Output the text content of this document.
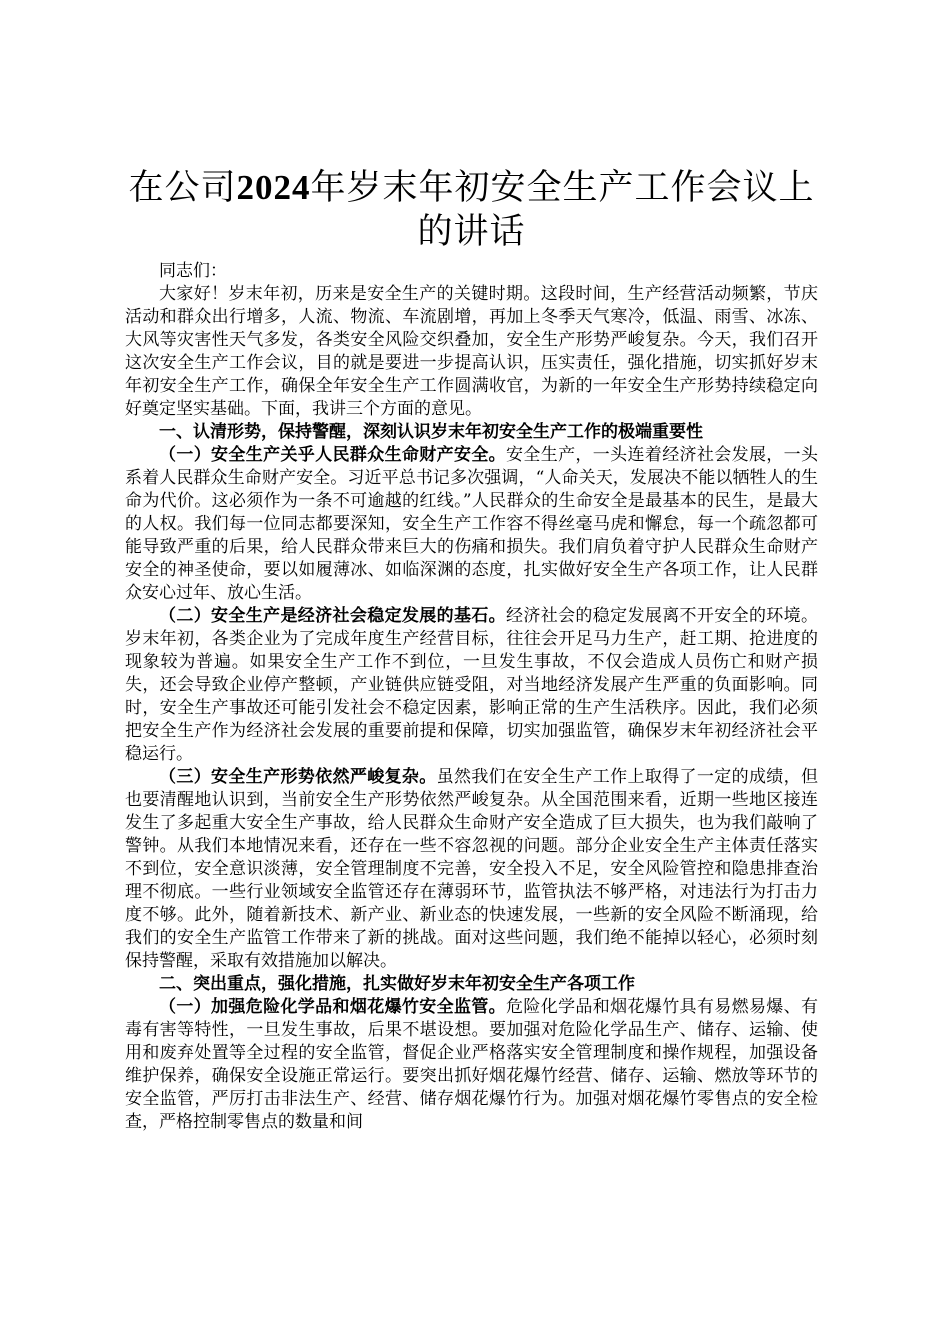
在公司2024年岁末年初安全生产工作会议上的讲话

同志们：

大家好！岁末年初，历来是安全生产的关键时期。这段时间，生产经营活动频繁，节庆活动和群众出行增多，人流、物流、车流剧增，再加上冬季天气寒冷，低温、雨雪、冰冻、大风等灾害性天气多发，各类安全风险交织叠加，安全生产形势严峻复杂。今天，我们召开这次安全生产工作会议，目的就是要进一步提高认识，压实责任，强化措施，切实抓好岁末年初安全生产工作，确保全年安全生产工作圆满收官，为新的一年安全生产形势持续稳定向好奠定坚实基础。下面，我讲三个方面的意见。

一、认清形势，保持警醒，深刻认识岁末年初安全生产工作的极端重要性

（一）安全生产关乎人民群众生命财产安全。安全生产，一头连着经济社会发展，一头系着人民群众生命财产安全。习近平总书记多次强调，“人命关天，发展决不能以牺牲人的生命为代价。这必须作为一条不可逾越的红线。”人民群众的生命安全是最基本的民生，是最大的人权。我们每一位同志都要深知，安全生产工作容不得丝毫马虎和懈怠，每一个疏忽都可能导致严重的后果，给人民群众带来巨大的伤痛和损失。我们肩负着守护人民群众生命财产安全的神圣使命，要以如履薄冰、如临深渊的态度，扎实做好安全生产各项工作，让人民群众安心过年、放心生活。

（二）安全生产是经济社会稳定发展的基石。经济社会的稳定发展离不开安全的环境。岁末年初，各类企业为了完成年度生产经营目标，往往会开足马力生产，赶工期、抢进度的现象较为普遍。如果安全生产工作不到位，一旦发生事故，不仅会造成人员伤亡和财产损失，还会导致企业停产整顿，产业链供应链受阻，对当地经济发展产生严重的负面影响。同时，安全生产事故还可能引发社会不稳定因素，影响正常的生产生活秩序。因此，我们必须把安全生产作为经济社会发展的重要前提和保障，切实加强监管，确保岁末年初经济社会平稳运行。

（三）安全生产形势依然严峻复杂。虽然我们在安全生产工作上取得了一定的成绩，但也要清醒地认识到，当前安全生产形势依然严峻复杂。从全国范围来看，近期一些地区接连发生了多起重大安全生产事故，给人民群众生命财产安全造成了巨大损失，也为我们敲响了警钟。从我们本地情况来看，还存在一些不容忽视的问题。部分企业安全生产主体责任落实不到位，安全意识淡薄，安全管理制度不完善，安全投入不足，安全风险管控和隐患排查治理不彻底。一些行业领域安全监管还存在薄弱环节，监管执法不够严格，对违法行为打击力度不够。此外，随着新技术、新产业、新业态的快速发展，一些新的安全风险不断涌现，给我们的安全生产监管工作带来了新的挑战。面对这些问题，我们绝不能掉以轻心，必须时刻保持警醒，采取有效措施加以解决。

二、突出重点，强化措施，扎实做好岁末年初安全生产各项工作

（一）加强危险化学品和烟花爆竹安全监管。危险化学品和烟花爆竹具有易燃易爆、有毒有害等特性，一旦发生事故，后果不堪设想。要加强对危险化学品生产、储存、运输、使用和废弃处置等全过程的安全监管，督促企业严格落实安全管理制度和操作规程，加强设备维护保养，确保安全设施正常运行。要突出抓好烟花爆竹经营、储存、运输、燃放等环节的安全监管，严厉打击非法生产、经营、储存烟花爆竹行为。加强对烟花爆竹零售点的安全检查，严格控制零售点的数量和间
